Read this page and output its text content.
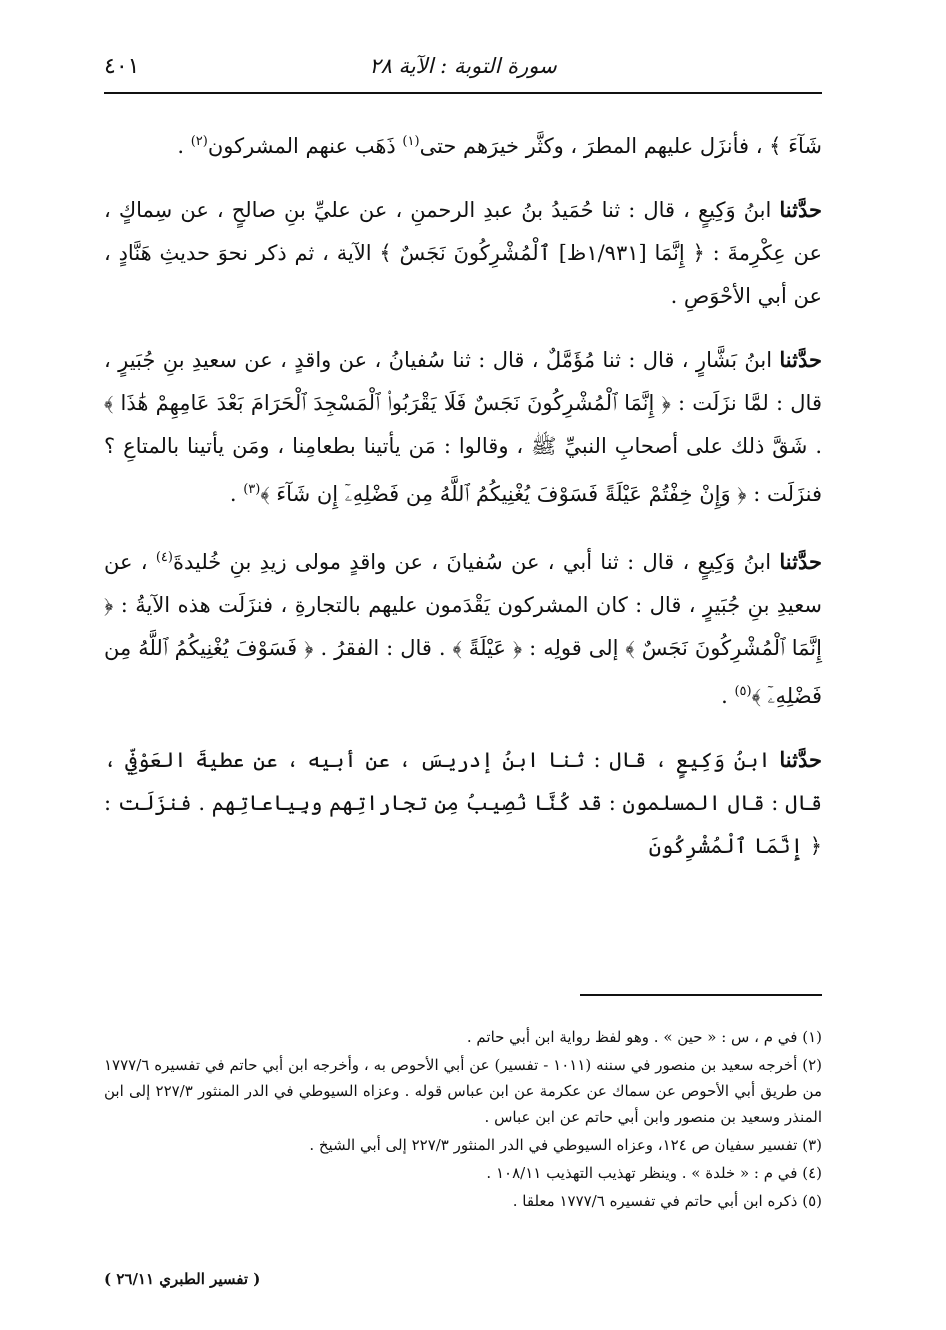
سورة التوبة : الآية ٢٨
٤٠١

شَآءَ ﴾ ، فأنزَل عليهم المطرَ ، وكثَّر خيرَهم حتى$^{(١)}$ ذَهَب عنهم المشركون$^{(٢)}$ .

حدَّثنا ابنُ وَكِيعٍ ، قال : ثنا حُمَيدُ بنُ عبدِ الرحمنِ ، عن عليِّ بنِ صالحٍ ، عن سِماكٍ ، عن عِكْرِمةَ : ﴿ إِنَّمَا [١/٩٣١ظ] ٱلْمُشْرِكُونَ نَجَسٌ ﴾ الآية ، ثم ذكر نحوَ حديثِ هَنَّادٍ ، عن أبي الأحْوَصِ .

حدَّثنا ابنُ بَشَّارٍ ، قال : ثنا مُؤَمَّلٌ ، قال : ثنا سُفيانُ ، عن واقدٍ ، عن سعيدِ بنِ جُبَيرٍ ، قال : لمَّا نزَلَت : ﴿ إِنَّمَا ٱلْمُشْرِكُونَ نَجَسٌ فَلَا يَقْرَبُوا۟ ٱلْمَسْجِدَ ٱلْحَرَامَ بَعْدَ عَامِهِمْ هَٰذَا ﴾ . شَقَّ ذلك على أصحابِ النبيِّ ﷺ ، وقالوا : مَن يأتينا بطعامِنا ، ومَن يأتينا بالمتاعِ ؟ فنزَلَت : ﴿ وَإِنْ خِفْتُمْ عَيْلَةً فَسَوْفَ يُغْنِيكُمُ ٱللَّهُ مِن فَضْلِهِۦٓ إِن شَآءَ ﴾$^{(٣)}$ .

حدَّثنا ابنُ وَكِيعٍ ، قال : ثنا أبي ، عن سُفيانَ ، عن واقدٍ مولى زيدِ بنِ خُليدةَ$^{(٤)}$ ، عن سعيدِ بنِ جُبَيرٍ ، قال : كان المشركون يَقْدَمون عليهم بالتجارةِ ، فنزَلَت هذه الآيةُ : ﴿ إِنَّمَا ٱلْمُشْرِكُونَ نَجَسٌ ﴾ إلى قولِه : ﴿ عَيْلَةً ﴾ . قال : الفقرُ . ﴿ فَسَوْفَ يُغْنِيكُمُ ٱللَّهُ مِن فَضْلِهِۦٓ ﴾$^{(٥)}$ .

حدَّثنا ابنُ وَكِيعٍ ، قال : ثنا ابنُ إدريسَ ، عن أبيه ، عن عطيةَ العَوْفيِّ ، قال : قال المسلمون : قد كُنَّا نُصِيبُ مِن تجاراتِهم وبِياعاتِهم . فنزَلَت : ﴿ إِنَّمَا ٱلْمُشْرِكُونَ

(١) في م ، س : « حين » . وهو لفظ رواية ابن أبي حاتم .

(٢) أخرجه سعيد بن منصور في سننه (١٠١١ - تفسير) عن أبي الأحوص به ، وأخرجه ابن أبي حاتم في تفسيره ١٧٧٧/٦ من طريق أبي الأحوص عن سماك عن عكرمة عن ابن عباس قوله . وعزاه السيوطي في الدر المنثور ٢٢٧/٣ إلى ابن المنذر وسعيد بن منصور وابن أبي حاتم عن ابن عباس .

(٣) تفسير سفيان ص ١٢٤، وعزاه السيوطي في الدر المنثور ٢٢٧/٣ إلى أبي الشيخ .

(٤) في م : « خلدة » . وينظر تهذيب التهذيب ١٠٨/١١ .

(٥) ذكره ابن أبي حاتم في تفسيره ١٧٧٧/٦ معلقا .

( تفسير الطبري ٢٦/١١ )
